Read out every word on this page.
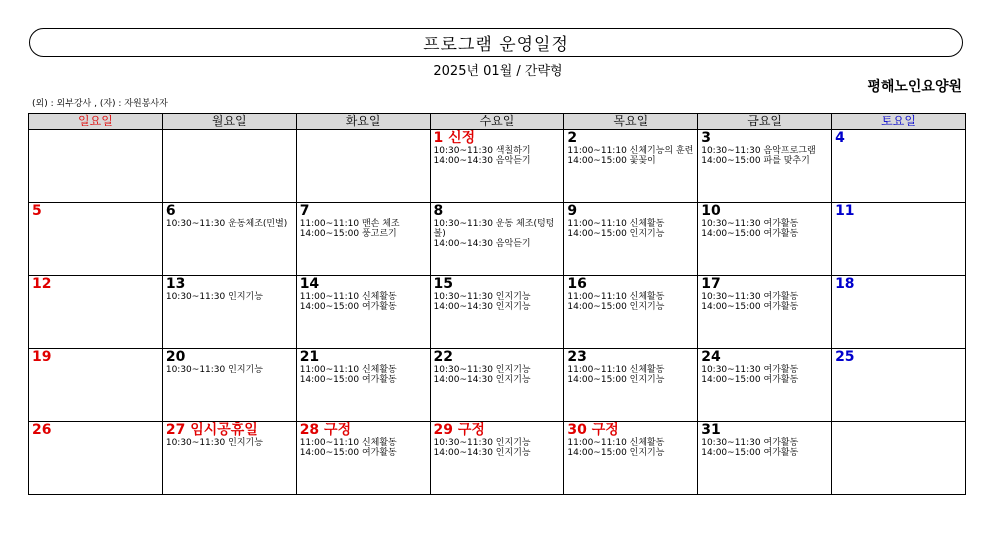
프로그램 운영일정
2025년 01월 / 간략형
평해노인요양원
(외) : 외부강사 , (자) : 자원봉사자
일요일	월요일	화요일	수요일	목요일	금요일	토요일

			1 신정
10:30~11:30 색칠하기
14:00~14:30 음악듣기	2
11:00~11:10 신체기능의 훈련
14:00~15:00 꽃꽂이	3
10:30~11:30 음악프로그램
14:00~15:00 파를 맞추기	4

5	6
10:30~11:30 운동체조(민별)	7
11:00~11:10 맨손 체조
14:00~15:00 풍고르기	8
10:30~11:30 운동 체조(텅텅볼)
14:00~14:30 음악듣기	9
11:00~11:10 신체활동
14:00~15:00 인지기능	10
10:30~11:30 여가활동
14:00~15:00 여가활동	11

12	13
10:30~11:30 인지기능	14
11:00~11:10 신체활동
14:00~15:00 여가활동	15
10:30~11:30 인지기능
14:00~14:30 인지기능	16
11:00~11:10 신체활동
14:00~15:00 인지기능	17
10:30~11:30 여가활동
14:00~15:00 여가활동	18

19	20
10:30~11:30 인지기능	21
11:00~11:10 신체활동
14:00~15:00 여가활동	22
10:30~11:30 인지기능
14:00~14:30 인지기능	23
11:00~11:10 신체활동
14:00~15:00 인지기능	24
10:30~11:30 여가활동
14:00~15:00 여가활동	25

26	27 임시공휴일
10:30~11:30 인지기능	28 구정
11:00~11:10 신체활동
14:00~15:00 여가활동	29 구정
10:30~11:30 인지기능
14:00~14:30 인지기능	30 구정
11:00~11:10 신체활동
14:00~15:00 인지기능	31
10:30~11:30 여가활동
14:00~15:00 여가활동	
